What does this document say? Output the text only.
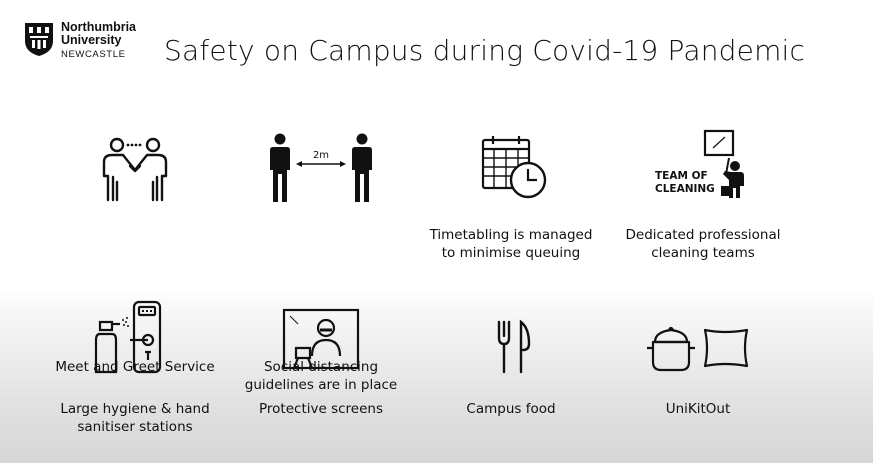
Northumbria
University
NEWCASTLE	Safety on Campus during Covid-19 Pandemic
Meet and Greet Service
2m
Social distancing guidelines are in place
Timetabling is managed to minimise queuing
TEAM OF
CLEANING
Dedicated professional cleaning teams
Large hygiene & hand sanitiser stations
Protective screens	Campus food	UniKitOut
